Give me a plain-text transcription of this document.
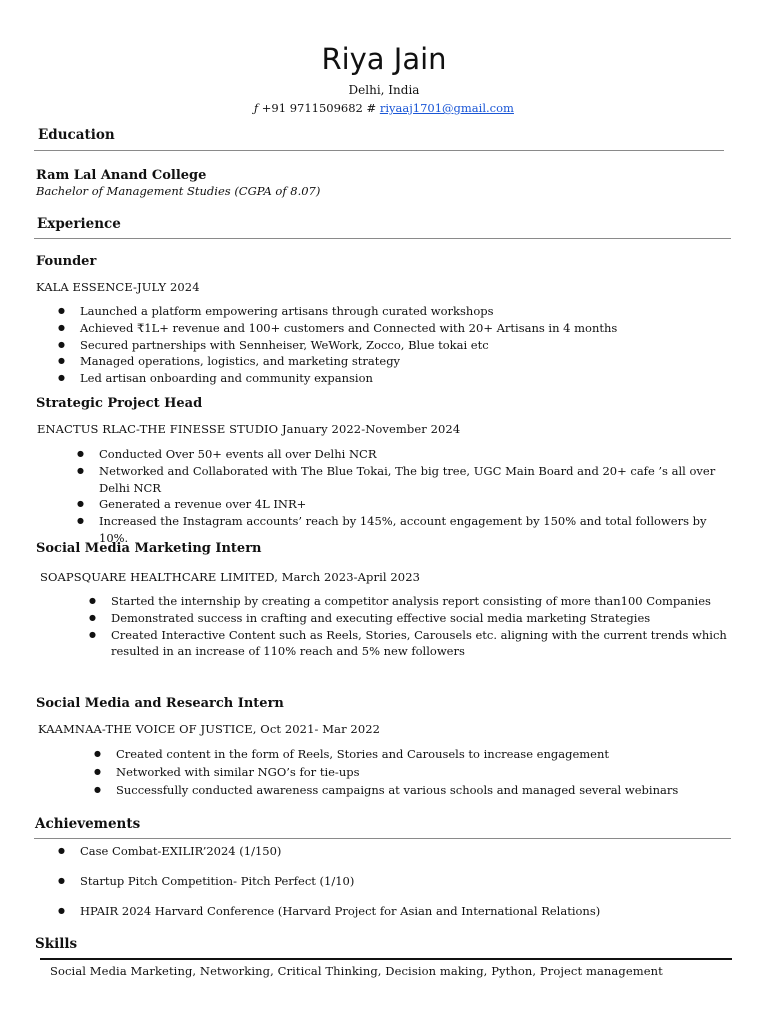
Riya Jain
Delhi, India
ƒ +91 9711509682 # riyaaj1701@gmail.com
Education
Ram Lal Anand College
Bachelor of Management Studies (CGPA of 8.07)
Experience
Founder
KALA ESSENCE-JULY 2024
● Launched a platform empowering artisans through curated workshops
● Achieved ₹1L+ revenue and 100+ customers and Connected with 20+ Artisans in 4 months
● Secured partnerships with Sennheiser, WeWork, Zocco, Blue tokai etc
● Managed operations, logistics, and marketing strategy
● Led artisan onboarding and community expansion
Strategic Project Head
ENACTUS RLAC-THE FINESSE STUDIO January 2022-November 2024
● Conducted Over 50+ events all over Delhi NCR
● Networked and Collaborated with The Blue Tokai, The big tree, UGC Main Board and 20+ cafe ’s all over Delhi NCR
● Generated a revenue over 4L INR+
● Increased the Instagram accounts’ reach by 145%, account engagement by 150% and total followers by 10%.
Social Media Marketing Intern
SOAPSQUARE HEALTHCARE LIMITED, March 2023-April 2023
● Started the internship by creating a competitor analysis report consisting of more than100 Companies
● Demonstrated success in crafting and executing effective social media marketing Strategies
● Created Interactive Content such as Reels, Stories, Carousels etc. aligning with the current trends which resulted in an increase of 110% reach and 5% new followers
Social Media and Research Intern
KAAMNAA-THE VOICE OF JUSTICE, Oct 2021- Mar 2022
● Created content in the form of Reels, Stories and Carousels to increase engagement
● Networked with similar NGO’s for tie-ups
● Successfully conducted awareness campaigns at various schools and managed several webinars
Achievements
● Case Combat-EXILIR’2024 (1/150)
● Startup Pitch Competition- Pitch Perfect (1/10)
● HPAIR 2024 Harvard Conference (Harvard Project for Asian and International Relations)
Skills
Social Media Marketing, Networking, Critical Thinking, Decision making, Python, Project management
